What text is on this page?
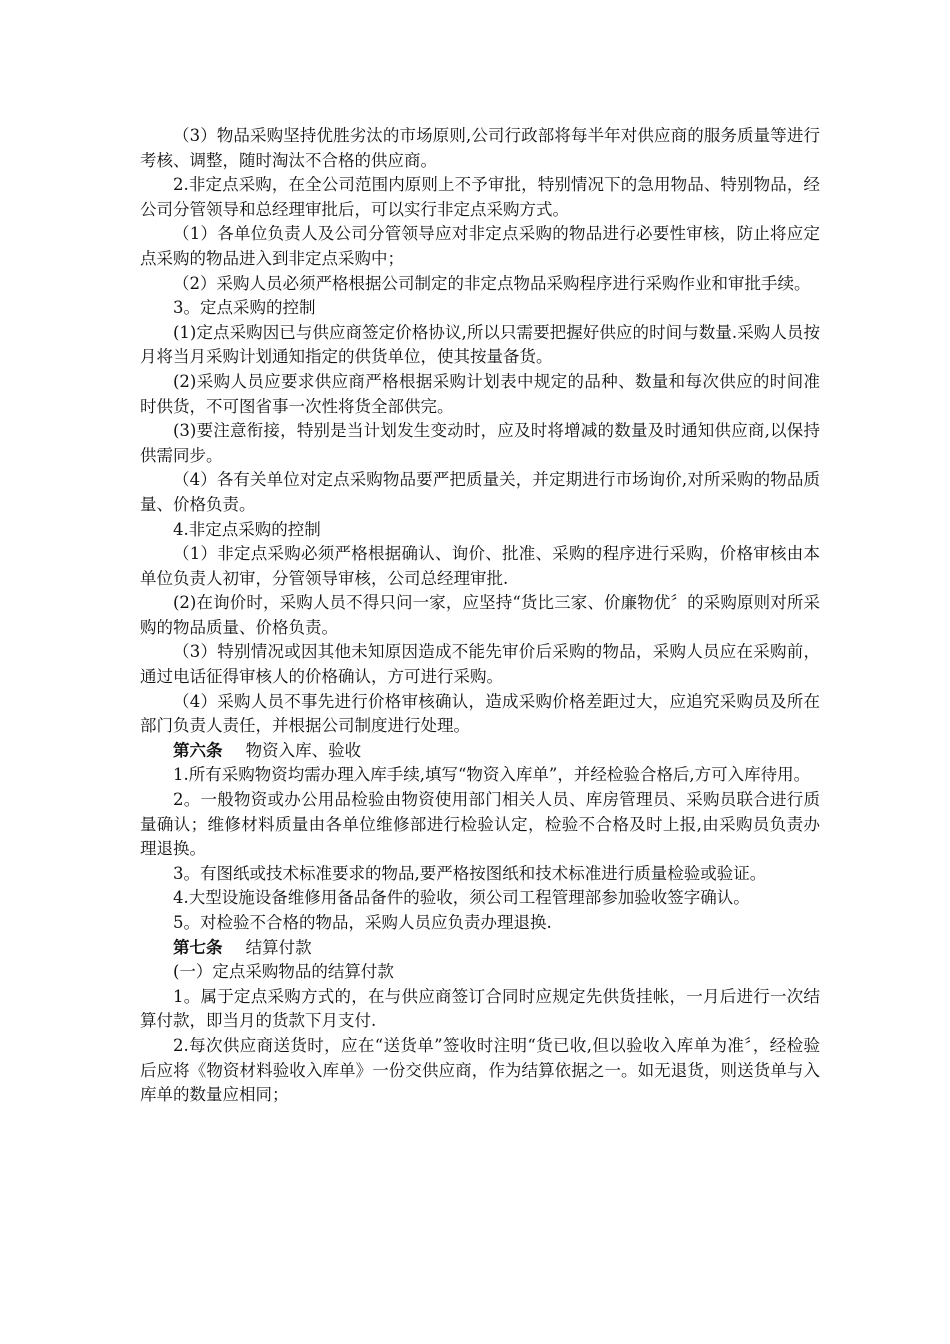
（3）物品采购坚持优胜劣汰的市场原则,公司行政部将每半年对供应商的服务质量等进行考核、调整，随时淘汰不合格的供应商。

2.非定点采购，在全公司范围内原则上不予审批，特别情况下的急用物品、特别物品，经公司分管领导和总经理审批后，可以实行非定点采购方式。

（1）各单位负责人及公司分管领导应对非定点采购的物品进行必要性审核，防止将应定点采购的物品进入到非定点采购中；

（2）采购人员必须严格根据公司制定的非定点物品采购程序进行采购作业和审批手续。

3。定点采购的控制

(1)定点采购因已与供应商签定价格协议,所以只需要把握好供应的时间与数量.采购人员按月将当月采购计划通知指定的供货单位，使其按量备货。

(2)采购人员应要求供应商严格根据采购计划表中规定的品种、数量和每次供应的时间准时供货，不可图省事一次性将货全部供完。

(3)要注意衔接，特别是当计划发生变动时，应及时将增减的数量及时通知供应商,以保持供需同步。

（4）各有关单位对定点采购物品要严把质量关，并定期进行市场询价,对所采购的物品质量、价格负责。

4.非定点采购的控制

（1）非定点采购必须严格根据确认、询价、批准、采购的程序进行采购，价格审核由本单位负责人初审，分管领导审核，公司总经理审批.

(2)在询价时，采购人员不得只问一家，应坚持“货比三家、价廉物优〞的采购原则对所采购的物品质量、价格负责。

（3）特别情况或因其他未知原因造成不能先审价后采购的物品，采购人员应在采购前，通过电话征得审核人的价格确认，方可进行采购。

（4）采购人员不事先进行价格审核确认，造成采购价格差距过大，应追究采购员及所在部门负责人责任，并根据公司制度进行处理。

第六条 物资入库、验收

1.所有采购物资均需办理入库手续,填写“物资入库单”，并经检验合格后,方可入库待用。

2。一般物资或办公用品检验由物资使用部门相关人员、库房管理员、采购员联合进行质量确认；维修材料质量由各单位维修部进行检验认定，检验不合格及时上报,由采购员负责办理退换。

3。有图纸或技术标准要求的物品,要严格按图纸和技术标准进行质量检验或验证。

4.大型设施设备维修用备品备件的验收，须公司工程管理部参加验收签字确认。

5。对检验不合格的物品，采购人员应负责办理退换.

第七条 结算付款

(一）定点采购物品的结算付款

1。属于定点采购方式的，在与供应商签订合同时应规定先供货挂帐，一月后进行一次结算付款，即当月的货款下月支付.

2.每次供应商送货时，应在“送货单”签收时注明“货已收,但以验收入库单为准〞，经检验后应将《物资材料验收入库单》一份交供应商，作为结算依据之一。如无退货，则送货单与入库单的数量应相同；
